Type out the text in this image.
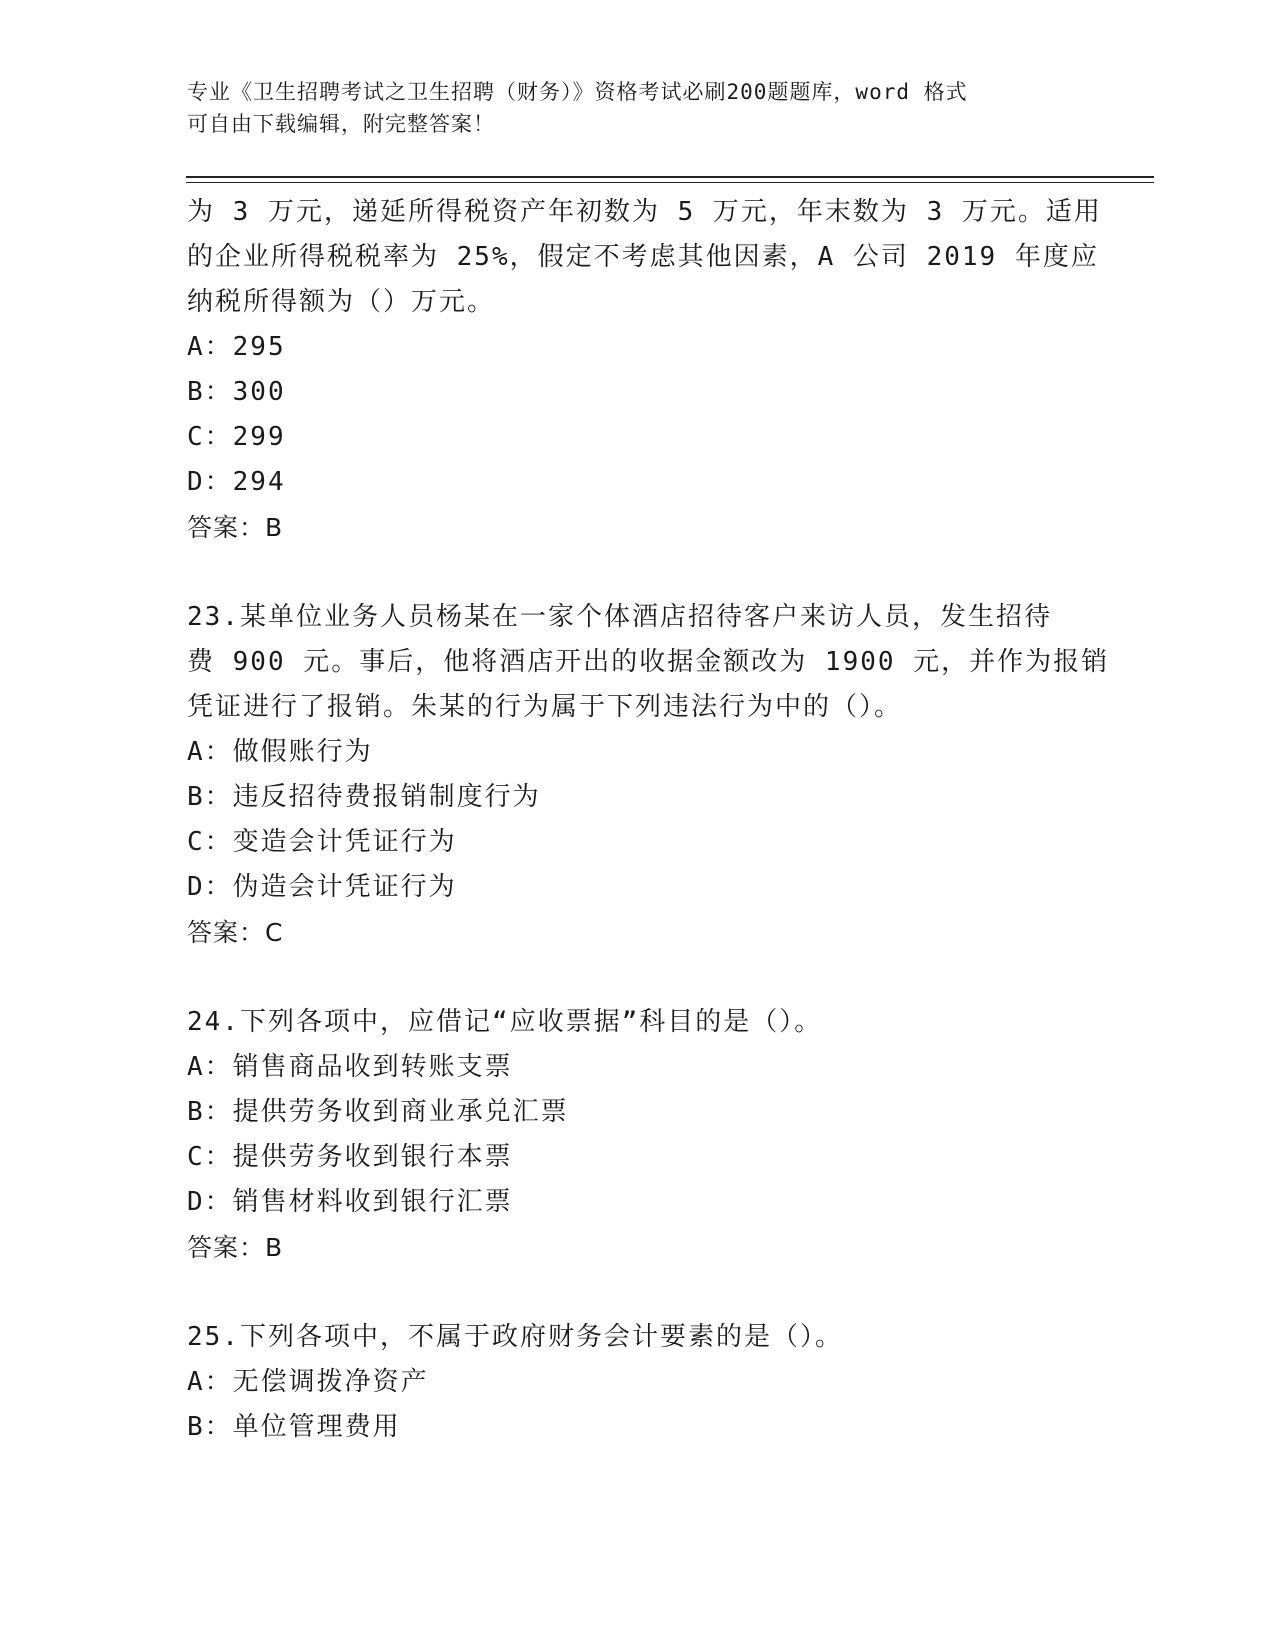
专业《卫生招聘考试之卫生招聘（财务）》资格考试必刷200题题库，word 格式
可自由下载编辑，附完整答案！
为 3 万元，递延所得税资产年初数为 5 万元，年末数为 3 万元。适用
的企业所得税税率为 25%，假定不考虑其他因素，A 公司 2019 年度应
纳税所得额为（）万元。
A：295
B：300
C：299
D：294
答案：B
23.某单位业务人员杨某在一家个体酒店招待客户来访人员，发生招待
费 900 元。事后，他将酒店开出的收据金额改为 1900 元，并作为报销
凭证进行了报销。朱某的行为属于下列违法行为中的（）。
A：做假账行为
B：违反招待费报销制度行为
C：变造会计凭证行为
D：伪造会计凭证行为
答案：C
24.下列各项中，应借记“应收票据”科目的是（）。
A：销售商品收到转账支票
B：提供劳务收到商业承兑汇票
C：提供劳务收到银行本票
D：销售材料收到银行汇票
答案：B
25.下列各项中，不属于政府财务会计要素的是（）。
A：无偿调拨净资产
B：单位管理费用
